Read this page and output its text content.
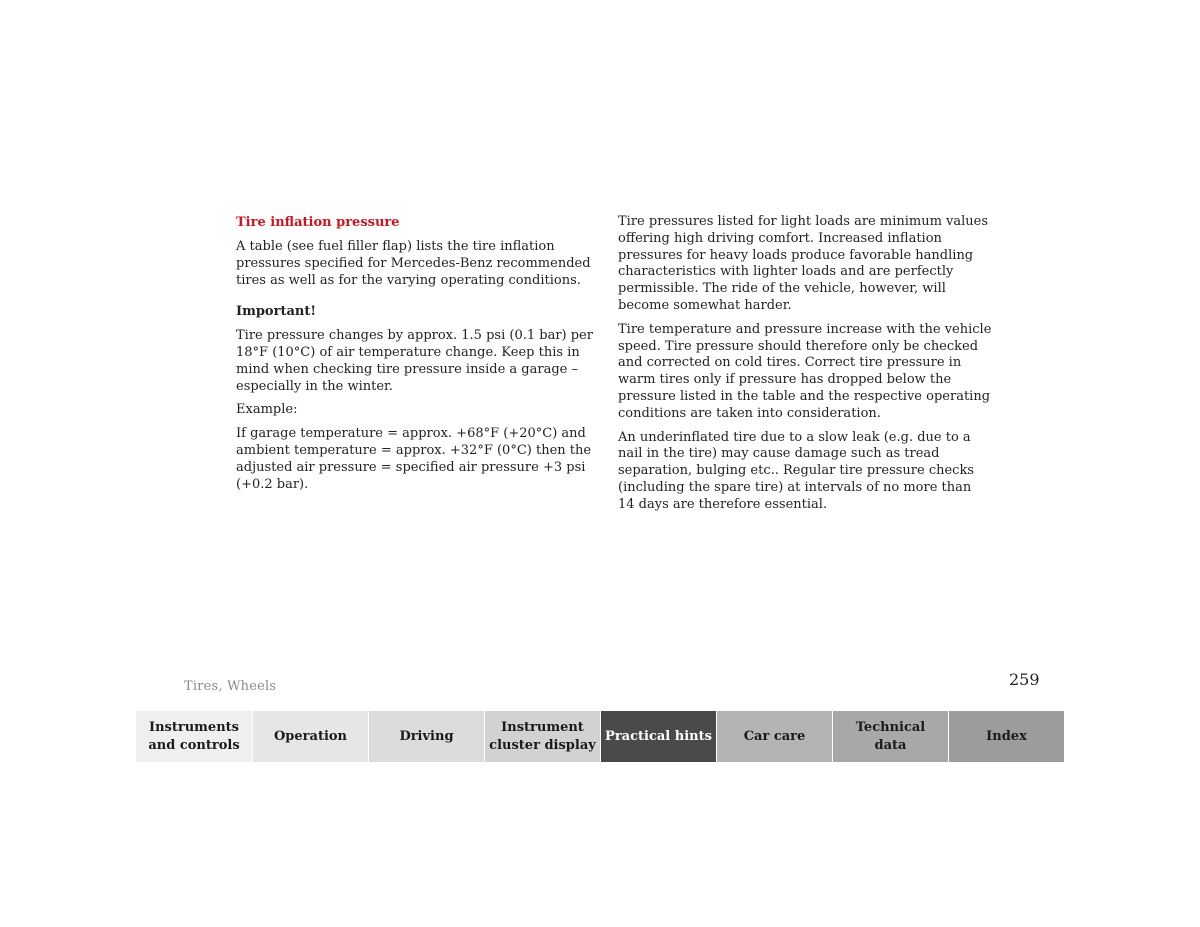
Tire inflation pressure

A table (see fuel filler flap) lists the tire inflation
pressures specified for Mercedes-Benz recommended
tires as well as for the varying operating conditions.

Important!

Tire pressure changes by approx. 1.5 psi (0.1 bar) per
18°F (10°C) of air temperature change. Keep this in
mind when checking tire pressure inside a garage –
especially in the winter.

Example:

If garage temperature = approx. +68°F (+20°C) and
ambient temperature = approx. +32°F (0°C) then the
adjusted air pressure = specified air pressure +3 psi
(+0.2 bar).

Tire pressures listed for light loads are minimum values
offering high driving comfort. Increased inflation
pressures for heavy loads produce favorable handling
characteristics with lighter loads and are perfectly
permissible. The ride of the vehicle, however, will
become somewhat harder.

Tire temperature and pressure increase with the vehicle
speed. Tire pressure should therefore only be checked
and corrected on cold tires. Correct tire pressure in
warm tires only if pressure has dropped below the
pressure listed in the table and the respective operating
conditions are taken into consideration.

An underinflated tire due to a slow leak (e.g. due to a
nail in the tire) may cause damage such as tread
separation, bulging etc.. Regular tire pressure checks
(including the spare tire) at intervals of no more than
14 days are therefore essential.

Tires, Wheels	259
Instruments
and controls
Operation	Driving
Instrument
cluster display
Practical hints	Car care
Technical
data
Index
